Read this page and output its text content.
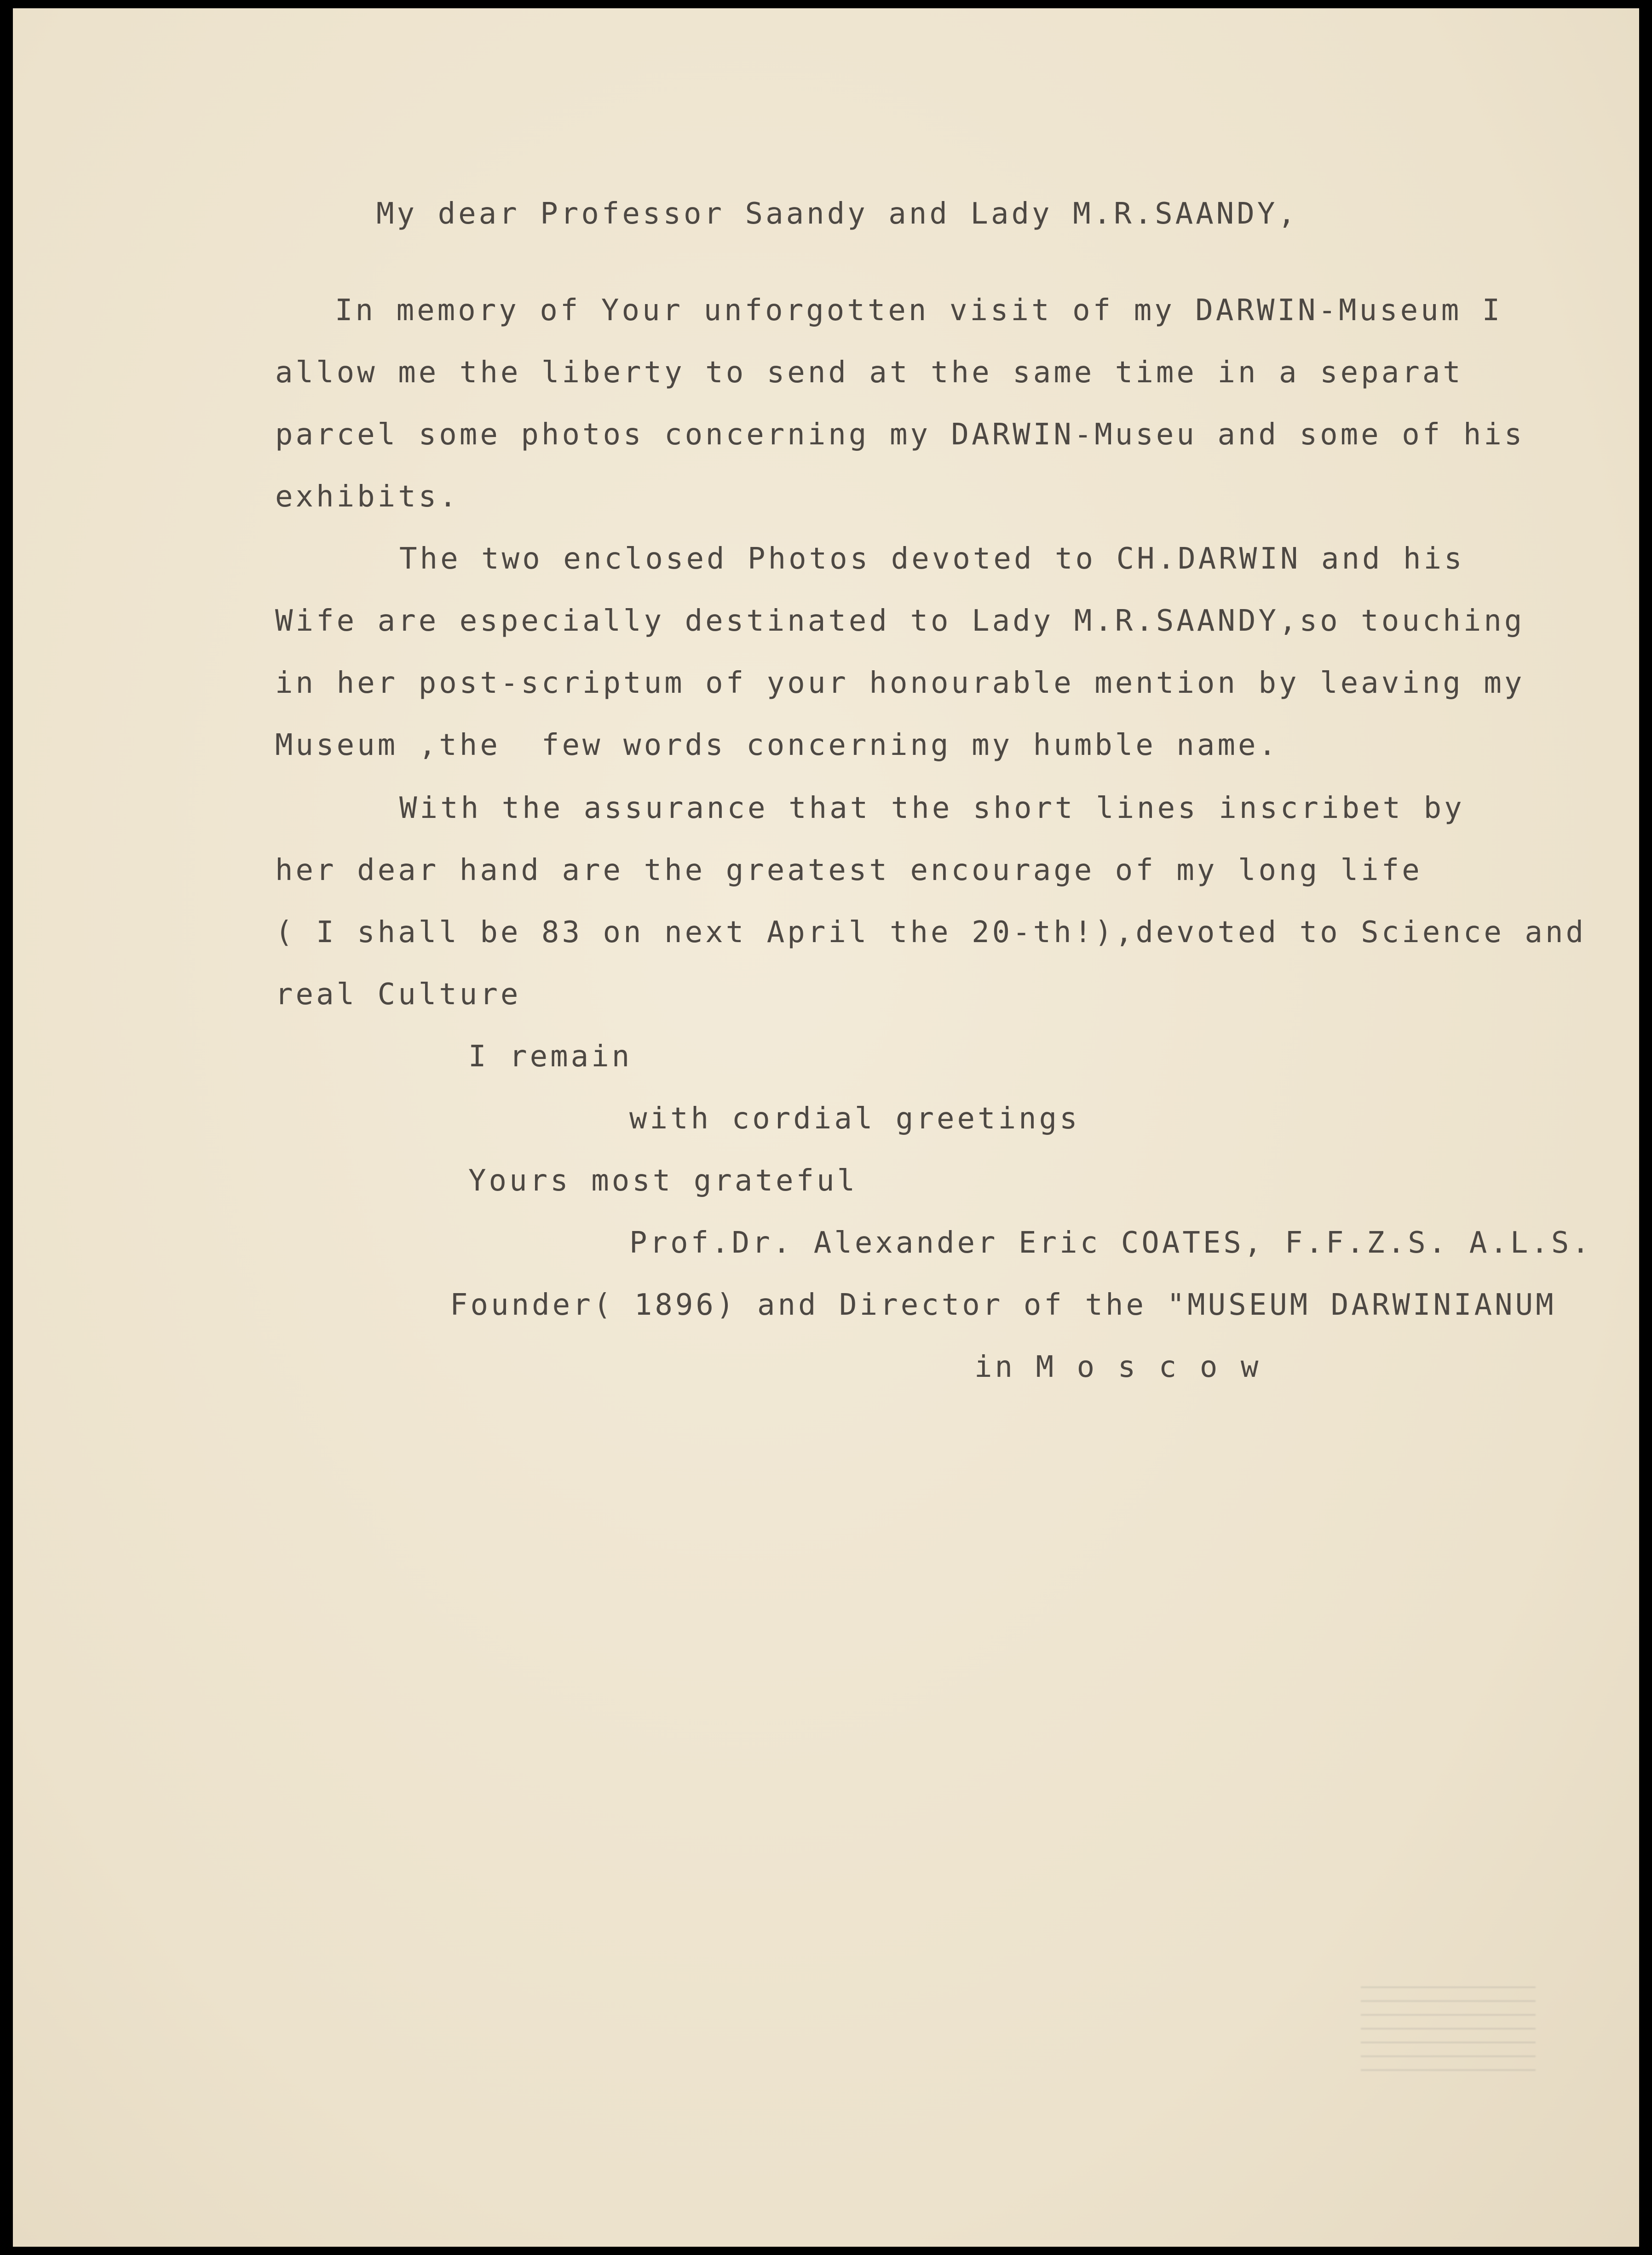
My dear Professor Saandy and Lady M.R.SAANDY,
In memory of Your unforgotten visit of my DARWIN-Museum I
allow me the liberty to send at the same time in a separat
parcel some photos concerning my DARWIN-Museu and some of his
exhibits.
The two enclosed Photos devoted to CH.DARWIN and his
Wife are especially destinated to Lady M.R.SAANDY,so touching
in her post-scriptum of your honourable mention by leaving my
Museum ,the  few words concerning my humble name.
With the assurance that the short lines inscribet by
her dear hand are the greatest encourage of my long life
( I shall be 83 on next April the 20-th!),devoted to Science and
real Culture
I remain
with cordial greetings
Yours most grateful
Prof.Dr. Alexander Eric COATES, F.F.Z.S. A.L.S.
Founder( 1896) and Director of the "MUSEUM DARWINIANUM
in M o s c o w
